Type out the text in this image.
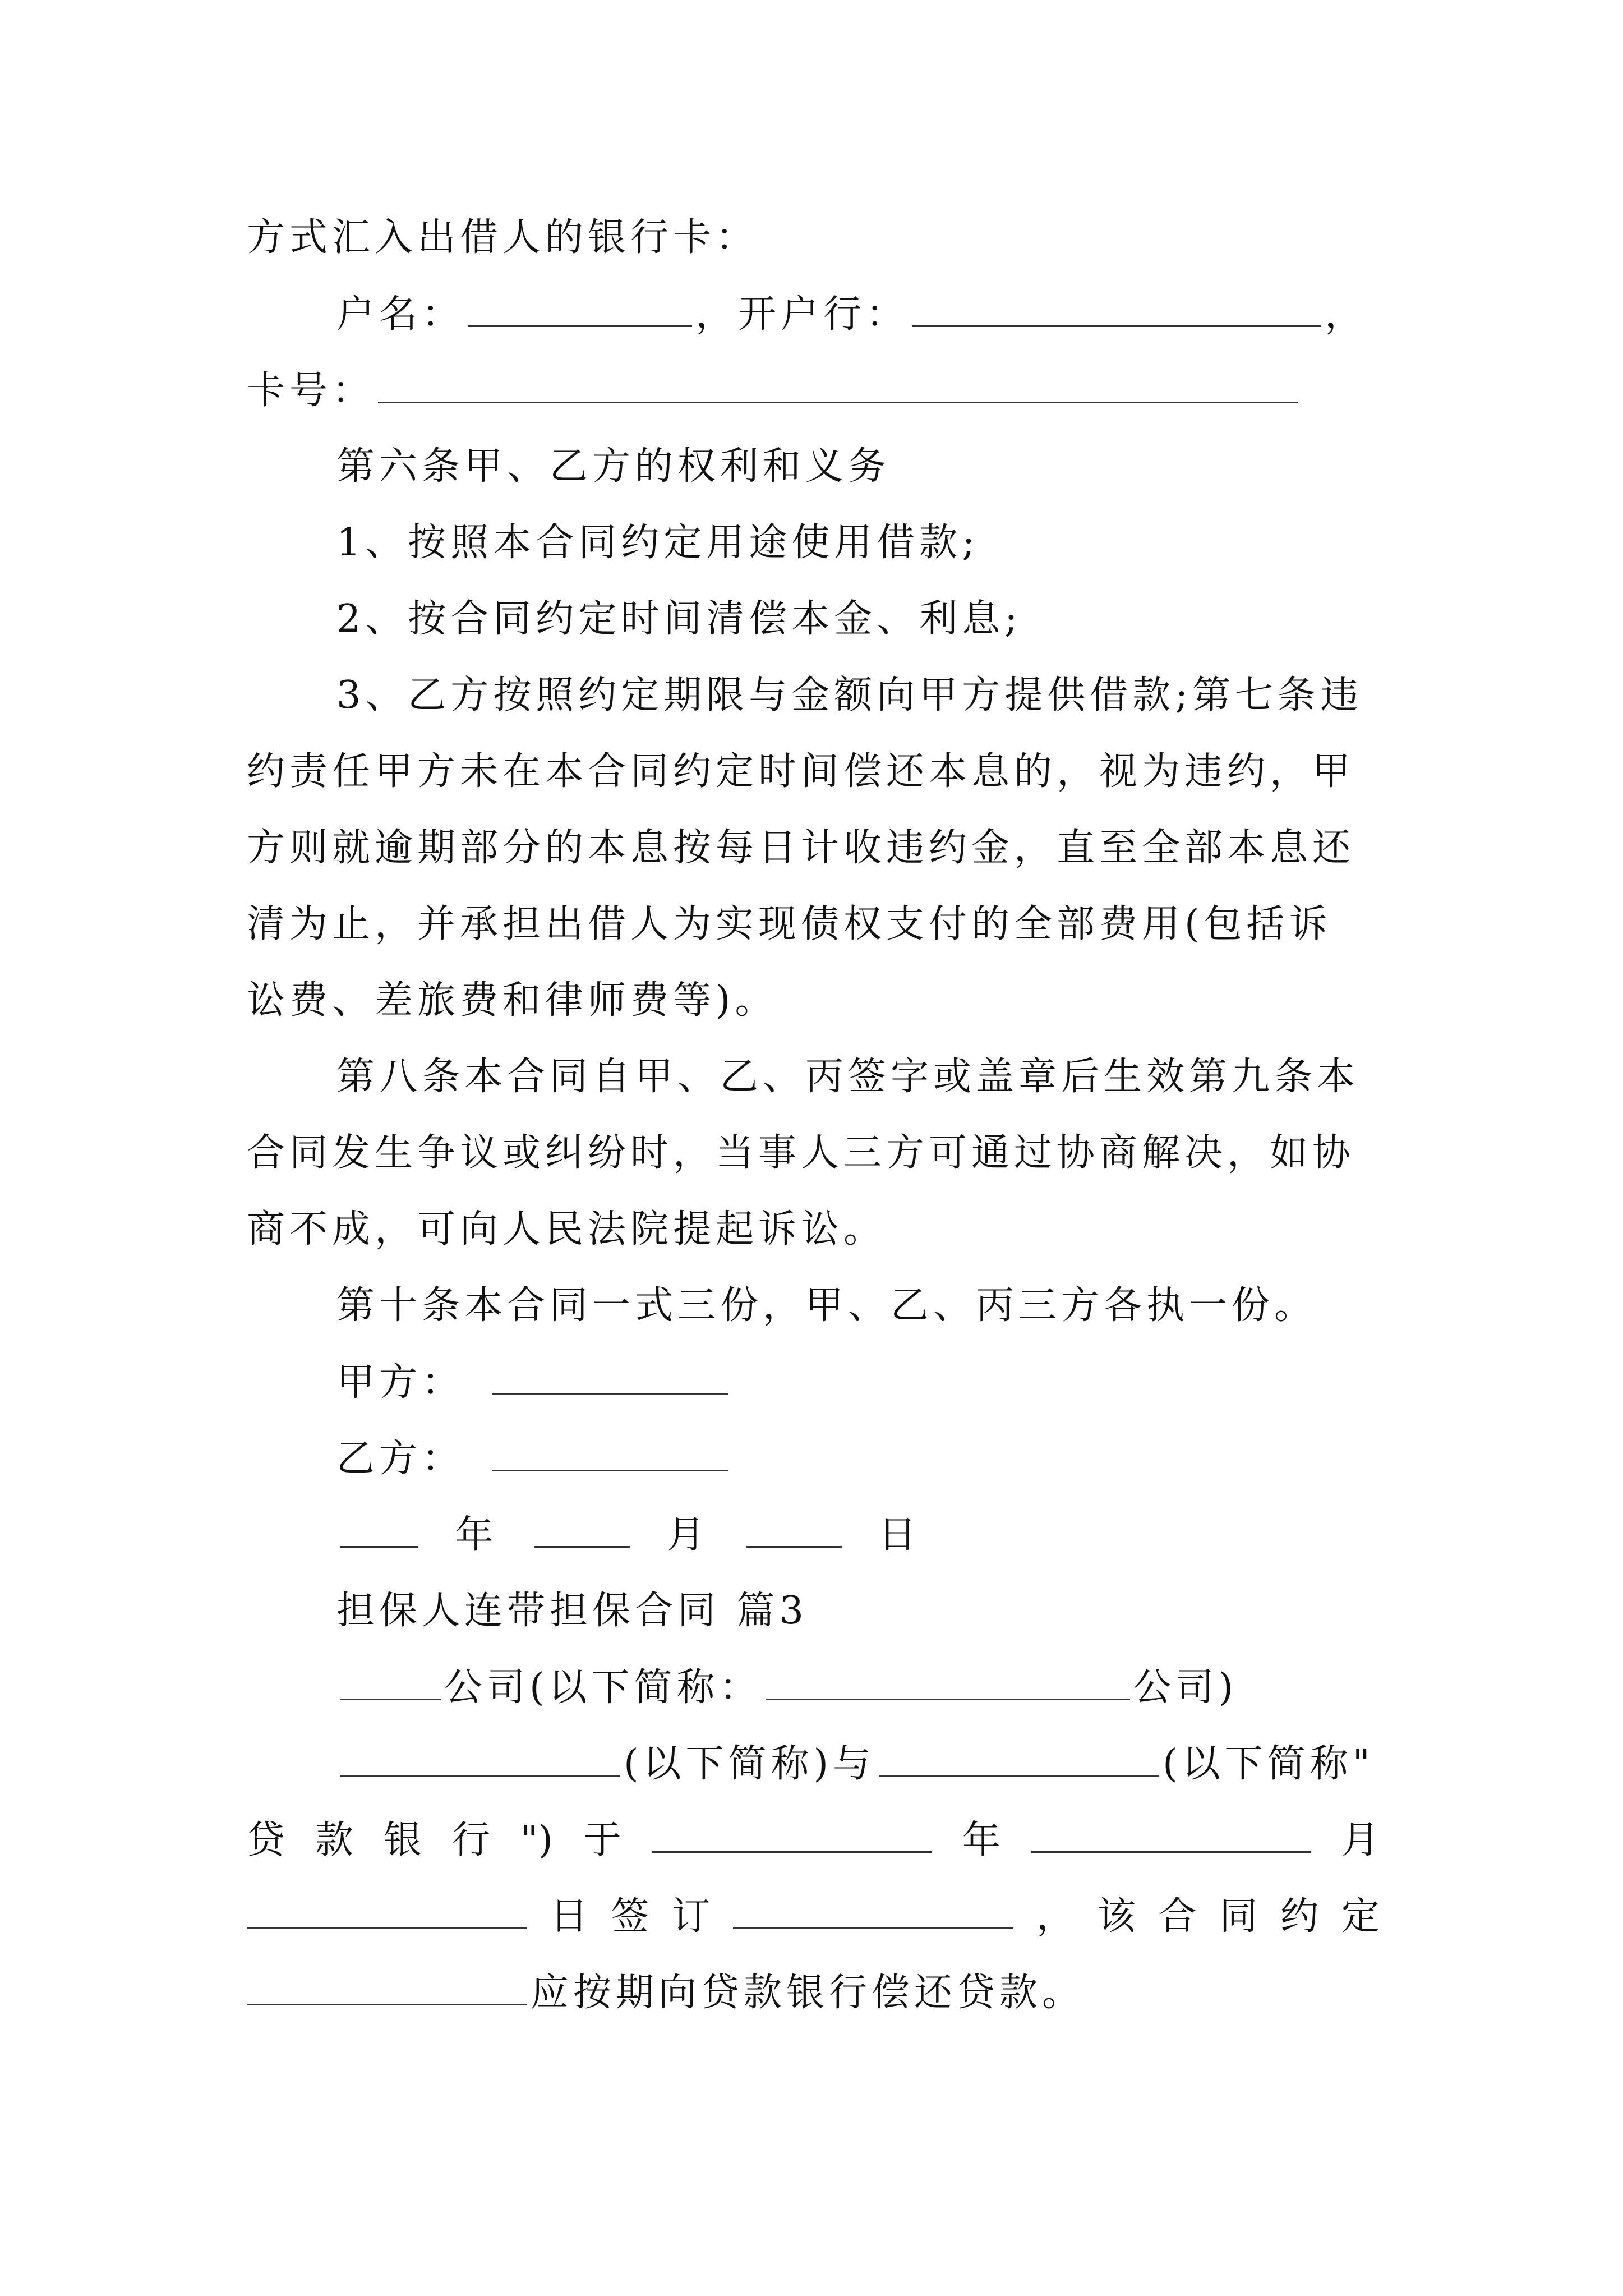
方式汇入出借人的银行卡：
户名：	，开户行：	，
卡号：
第六条甲、乙方的权利和义务
1、按照本合同约定用途使用借款;
2、按合同约定时间清偿本金、利息;
3、乙方按照约定期限与金额向甲方提供借款;第七条违
约责任甲方未在本合同约定时间偿还本息的，视为违约，甲
方则就逾期部分的本息按每日计收违约金，直至全部本息还
清为止，并承担出借人为实现债权支付的全部费用(包括诉
讼费、差旅费和律师费等)。
第八条本合同自甲、乙、丙签字或盖章后生效第九条本
合同发生争议或纠纷时，当事人三方可通过协商解决，如协
商不成，可向人民法院提起诉讼。
第十条本合同一式三份，甲、乙、丙三方各执一份。
甲方：
乙方：
年	月	日
担保人连带担保合同 篇3
公司(以下简称：	公司)
(以下简称)与	(以下简称"
贷 款 银 行 ") 于	年	月
日 签 订	， 该 合 同 约 定
应按期向贷款银行偿还贷款。
